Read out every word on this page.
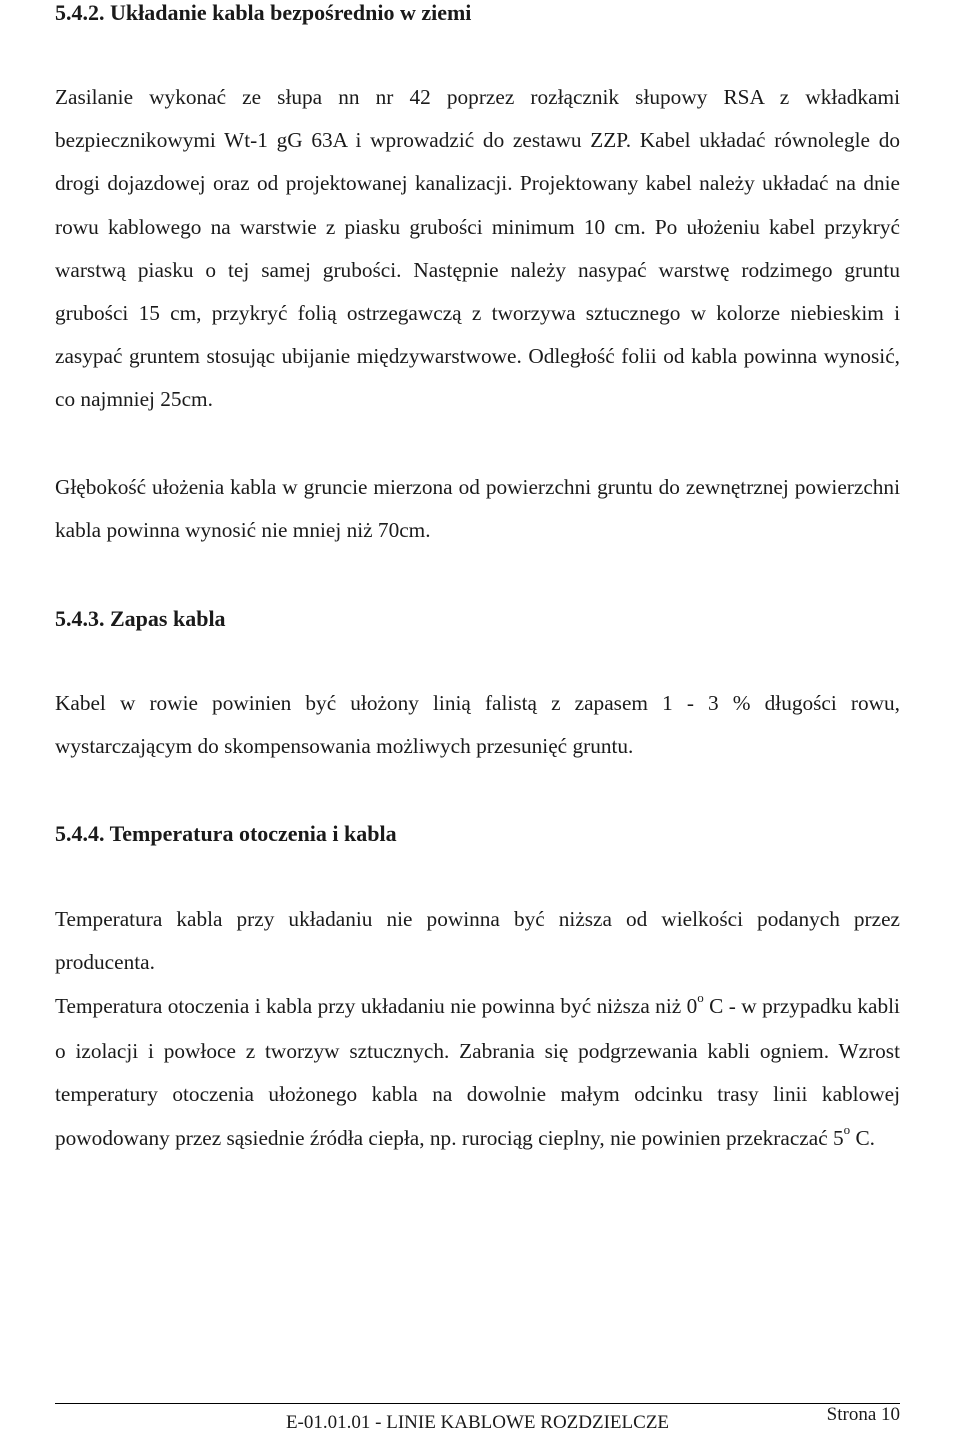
5.4.2. Układanie kabla bezpośrednio w ziemi

Zasilanie wykonać ze słupa nn nr 42 poprzez rozłącznik słupowy RSA z wkładkami bezpiecznikowymi Wt-1 gG 63A i wprowadzić do zestawu ZZP. Kabel układać równolegle do drogi dojazdowej oraz od projektowanej kanalizacji. Projektowany kabel należy układać na dnie rowu kablowego na warstwie z piasku grubości minimum 10 cm. Po ułożeniu kabel przykryć warstwą piasku o tej samej grubości. Następnie należy nasypać warstwę rodzimego gruntu grubości 15 cm, przykryć folią ostrzegawczą z tworzywa sztucznego w kolorze niebieskim i zasypać gruntem stosując ubijanie międzywarstwowe. Odległość folii od kabla powinna wynosić, co najmniej 25cm.

Głębokość ułożenia kabla w gruncie mierzona od powierzchni gruntu do zewnętrznej powierzchni kabla powinna wynosić nie mniej niż 70cm.

5.4.3. Zapas kabla

Kabel w rowie powinien być ułożony linią falistą z zapasem 1 - 3 % długości rowu, wystarczającym do skompensowania możliwych przesunięć gruntu.

5.4.4. Temperatura otoczenia i kabla

Temperatura kabla przy układaniu nie powinna być niższa od wielkości podanych przez producenta.

Temperatura otoczenia i kabla przy układaniu nie powinna być niższa niż 0$^o$ C - w przypadku kabli o izolacji i powłoce z tworzyw sztucznych. Zabrania się podgrzewania kabli ogniem. Wzrost temperatury otoczenia ułożonego kabla na dowolnie małym odcinku trasy linii kablowej powodowany przez sąsiednie źródła ciepła, np. rurociąg cieplny, nie powinien przekraczać 5$^o$ C.

E-01.01.01 - LINIE KABLOWE ROZDZIELCZE	Strona 10
